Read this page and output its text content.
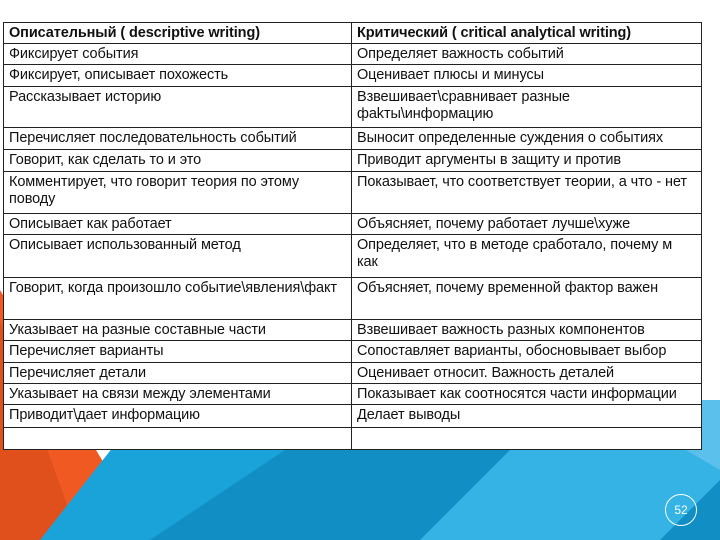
Описательный ( descriptive writing)	Критический ( critical analytical writing)
Фиксирует события	Определяет важность событий
Фиксирует, описывает похожесть	Оценивает плюсы и минусы
Рассказывает историю	Взвешивает\сравнивает разные фakты\информацию
Перечисляет последовательность событий	Выносит определенные суждения о событиях
Говорит, как сделать то и это	Приводит аргументы в защиту и против
Комментирует, что говорит теория по этому поводу	Показывает, что соответствует теории, а что - нет
Описывает как работает	Объясняет, почему работает лучше\хуже
Описывает использованный метод	Определяет, что в методе сработало, почему м как
Говорит, когда произошло событие\явления\факт	Объясняет, почему временной фактор важен
Указывает на разные составные части	Взвешивает важность разных компонентов
Перечисляет варианты	Сопоставляет варианты, обосновывает выбор
Перечисляет детали	Оценивает относит. Важность деталей
Указывает на связи между элементами	Показывает как соотносятся части информации
Приводит\дает информацию	Делает выводы

52
